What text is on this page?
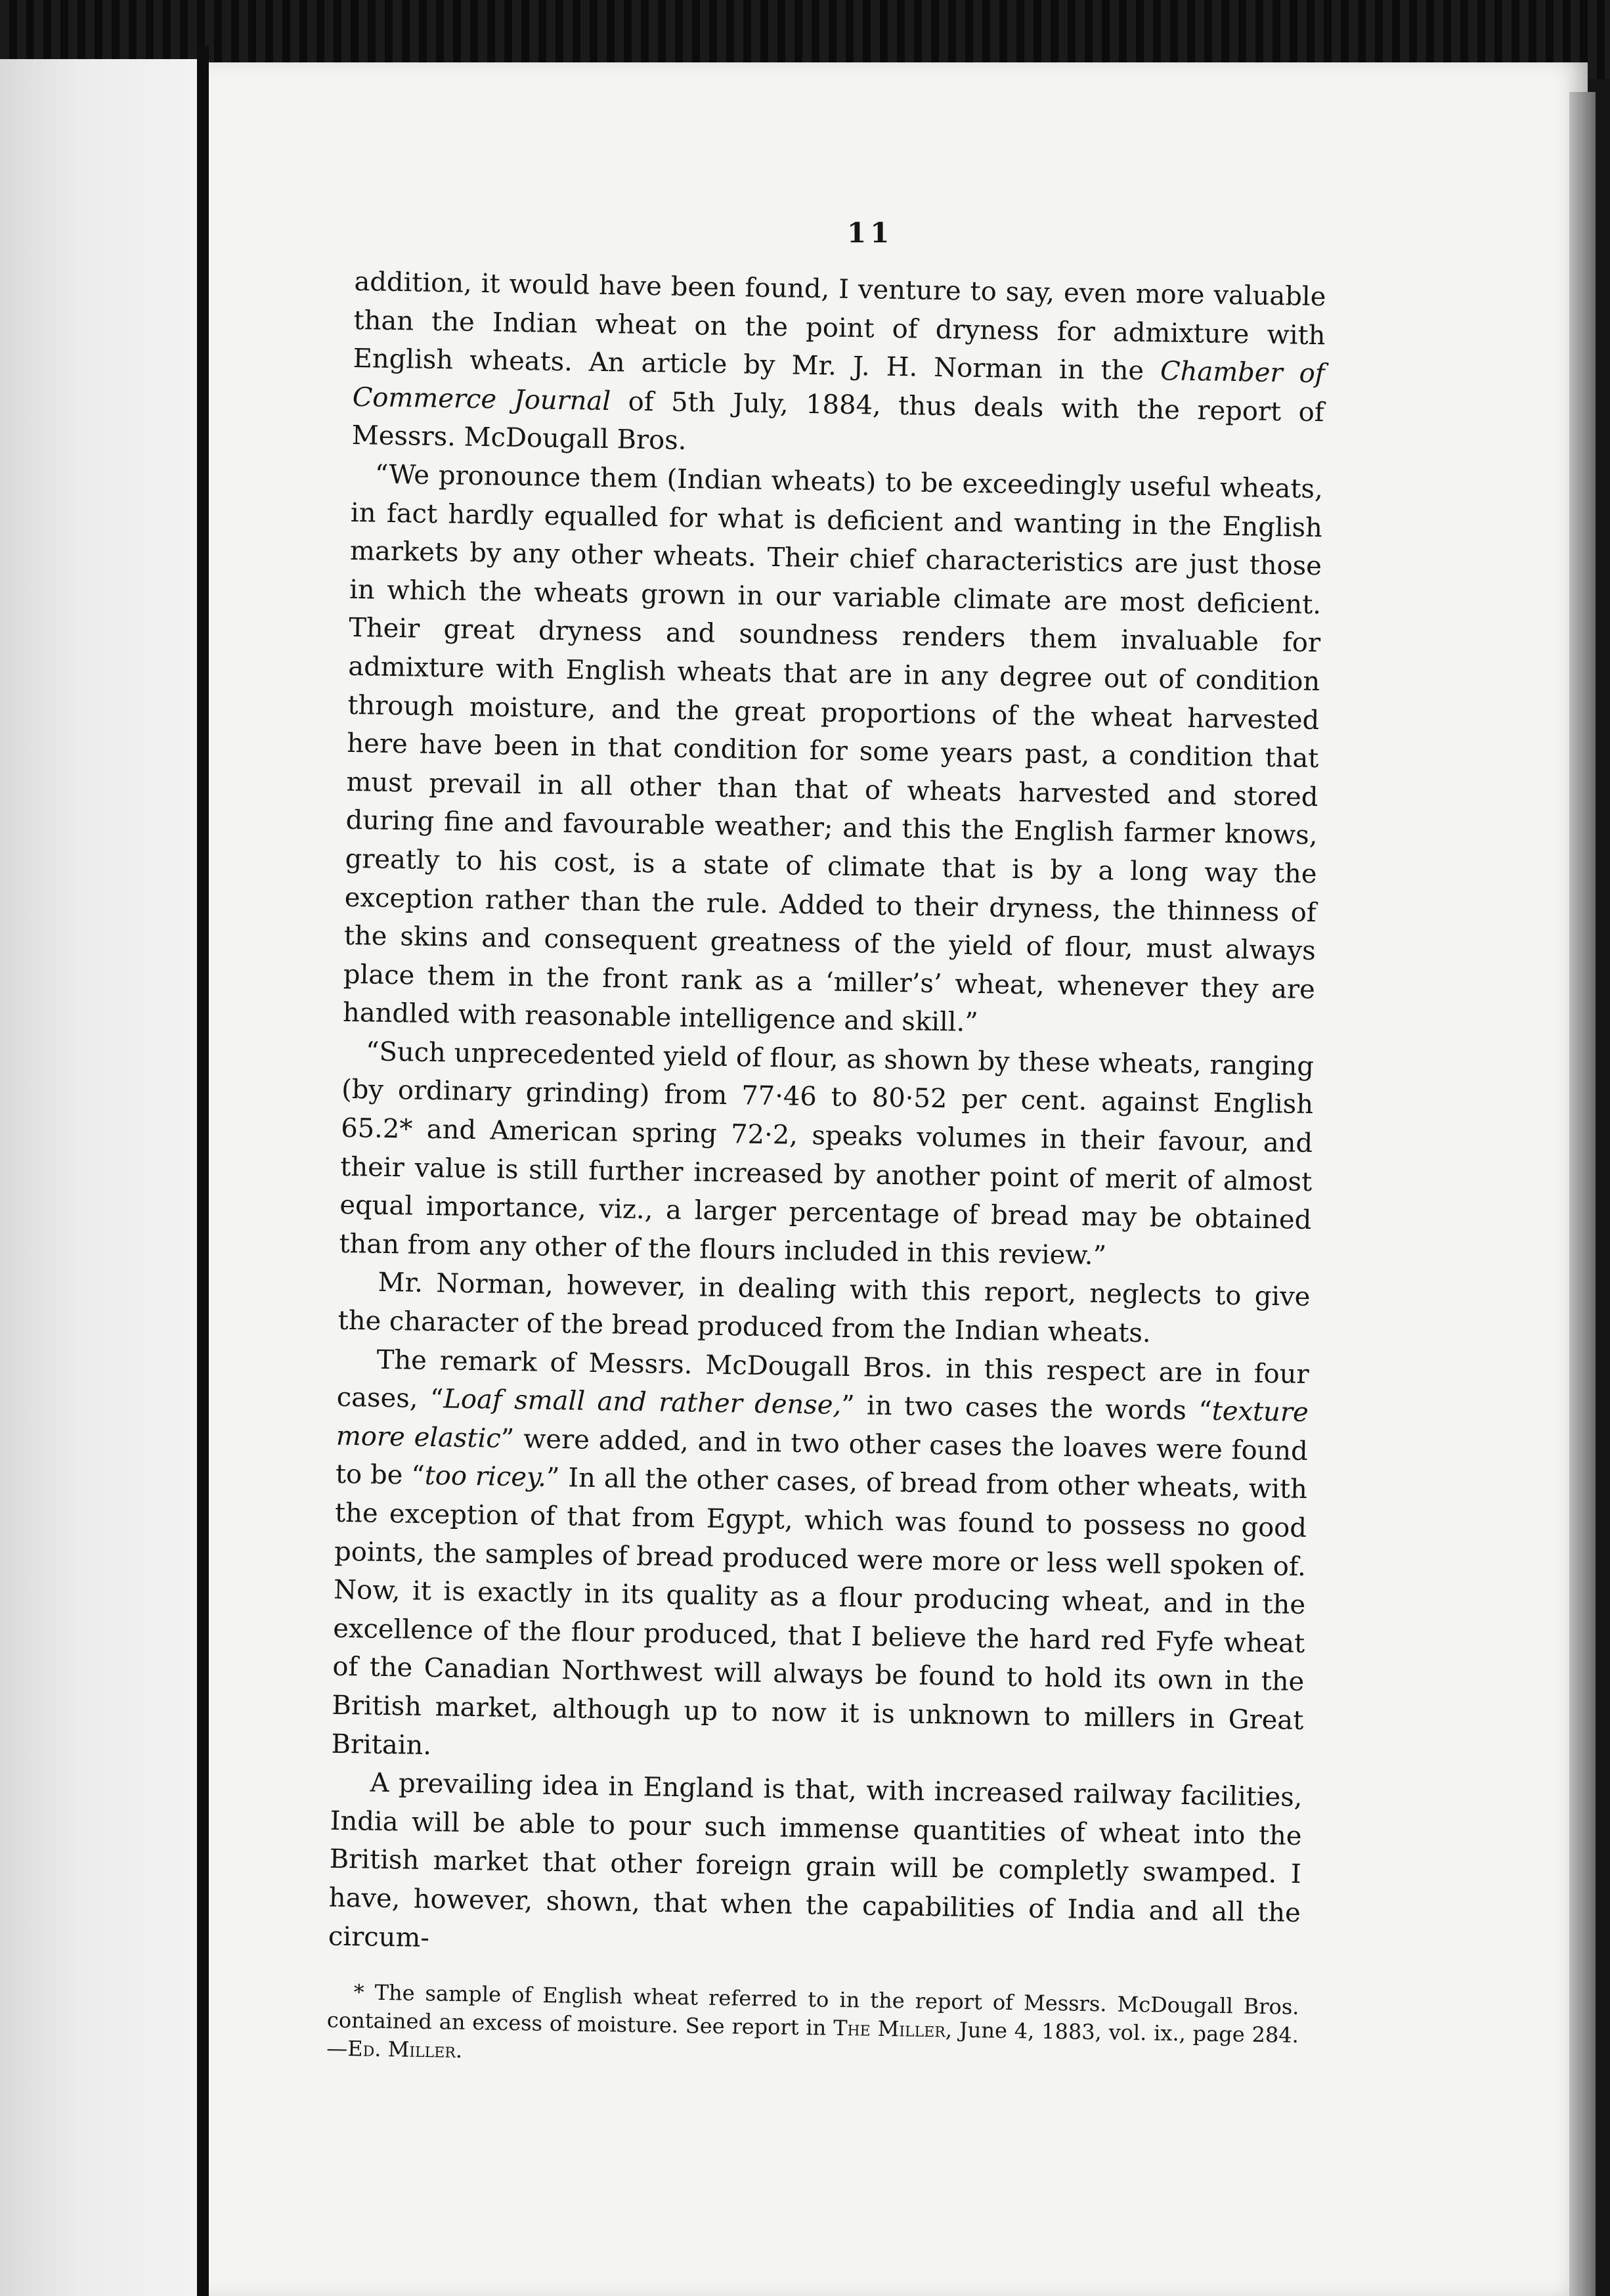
11

addition, it would have been found, I venture to say, even more valuable than the Indian wheat on the point of dryness for admixture with English wheats. An article by Mr. J. H. Norman in the Chamber of Commerce Journal of 5th July, 1884, thus deals with the report of Messrs. McDougall Bros.

“We pronounce them (Indian wheats) to be exceedingly useful wheats, in fact hardly equalled for what is deficient and wanting in the English markets by any other wheats. Their chief characteristics are just those in which the wheats grown in our variable climate are most deficient. Their great dryness and soundness renders them invaluable for admixture with English wheats that are in any degree out of condition through moisture, and the great proportions of the wheat harvested here have been in that condition for some years past, a condition that must prevail in all other than that of wheats harvested and stored during fine and favourable weather; and this the English farmer knows, greatly to his cost, is a state of climate that is by a long way the exception rather than the rule. Added to their dryness, the thinness of the skins and consequent greatness of the yield of flour, must always place them in the front rank as a ‘miller’s’ wheat, whenever they are handled with reasonable intelligence and skill.”

“Such unprecedented yield of flour, as shown by these wheats, ranging (by ordinary grinding) from 77·46 to 80·52 per cent. against English 65.2* and American spring 72·2, speaks volumes in their favour, and their value is still further increased by another point of merit of almost equal importance, viz., a larger percentage of bread may be obtained than from any other of the flours included in this review.”

Mr. Norman, however, in dealing with this report, neglects to give the character of the bread produced from the Indian wheats.

The remark of Messrs. McDougall Bros. in this respect are in four cases, “Loaf small and rather dense,” in two cases the words “texture more elastic” were added, and in two other cases the loaves were found to be “too ricey.” In all the other cases, of bread from other wheats, with the exception of that from Egypt, which was found to possess no good points, the samples of bread produced were more or less well spoken of. Now, it is exactly in its quality as a flour producing wheat, and in the excellence of the flour produced, that I believe the hard red Fyfe wheat of the Canadian Northwest will always be found to hold its own in the British market, although up to now it is unknown to millers in Great Britain.

A prevailing idea in England is that, with increased railway facilities, India will be able to pour such immense quantities of wheat into the British market that other foreign grain will be completly swamped. I have, however, shown, that when the capabilities of India and all the circum-

* The sample of English wheat referred to in the report of Messrs. McDougall Bros. contained an excess of moisture. See report in The Miller, June 4, 1883, vol. ix., page 284.—Ed. Miller.
